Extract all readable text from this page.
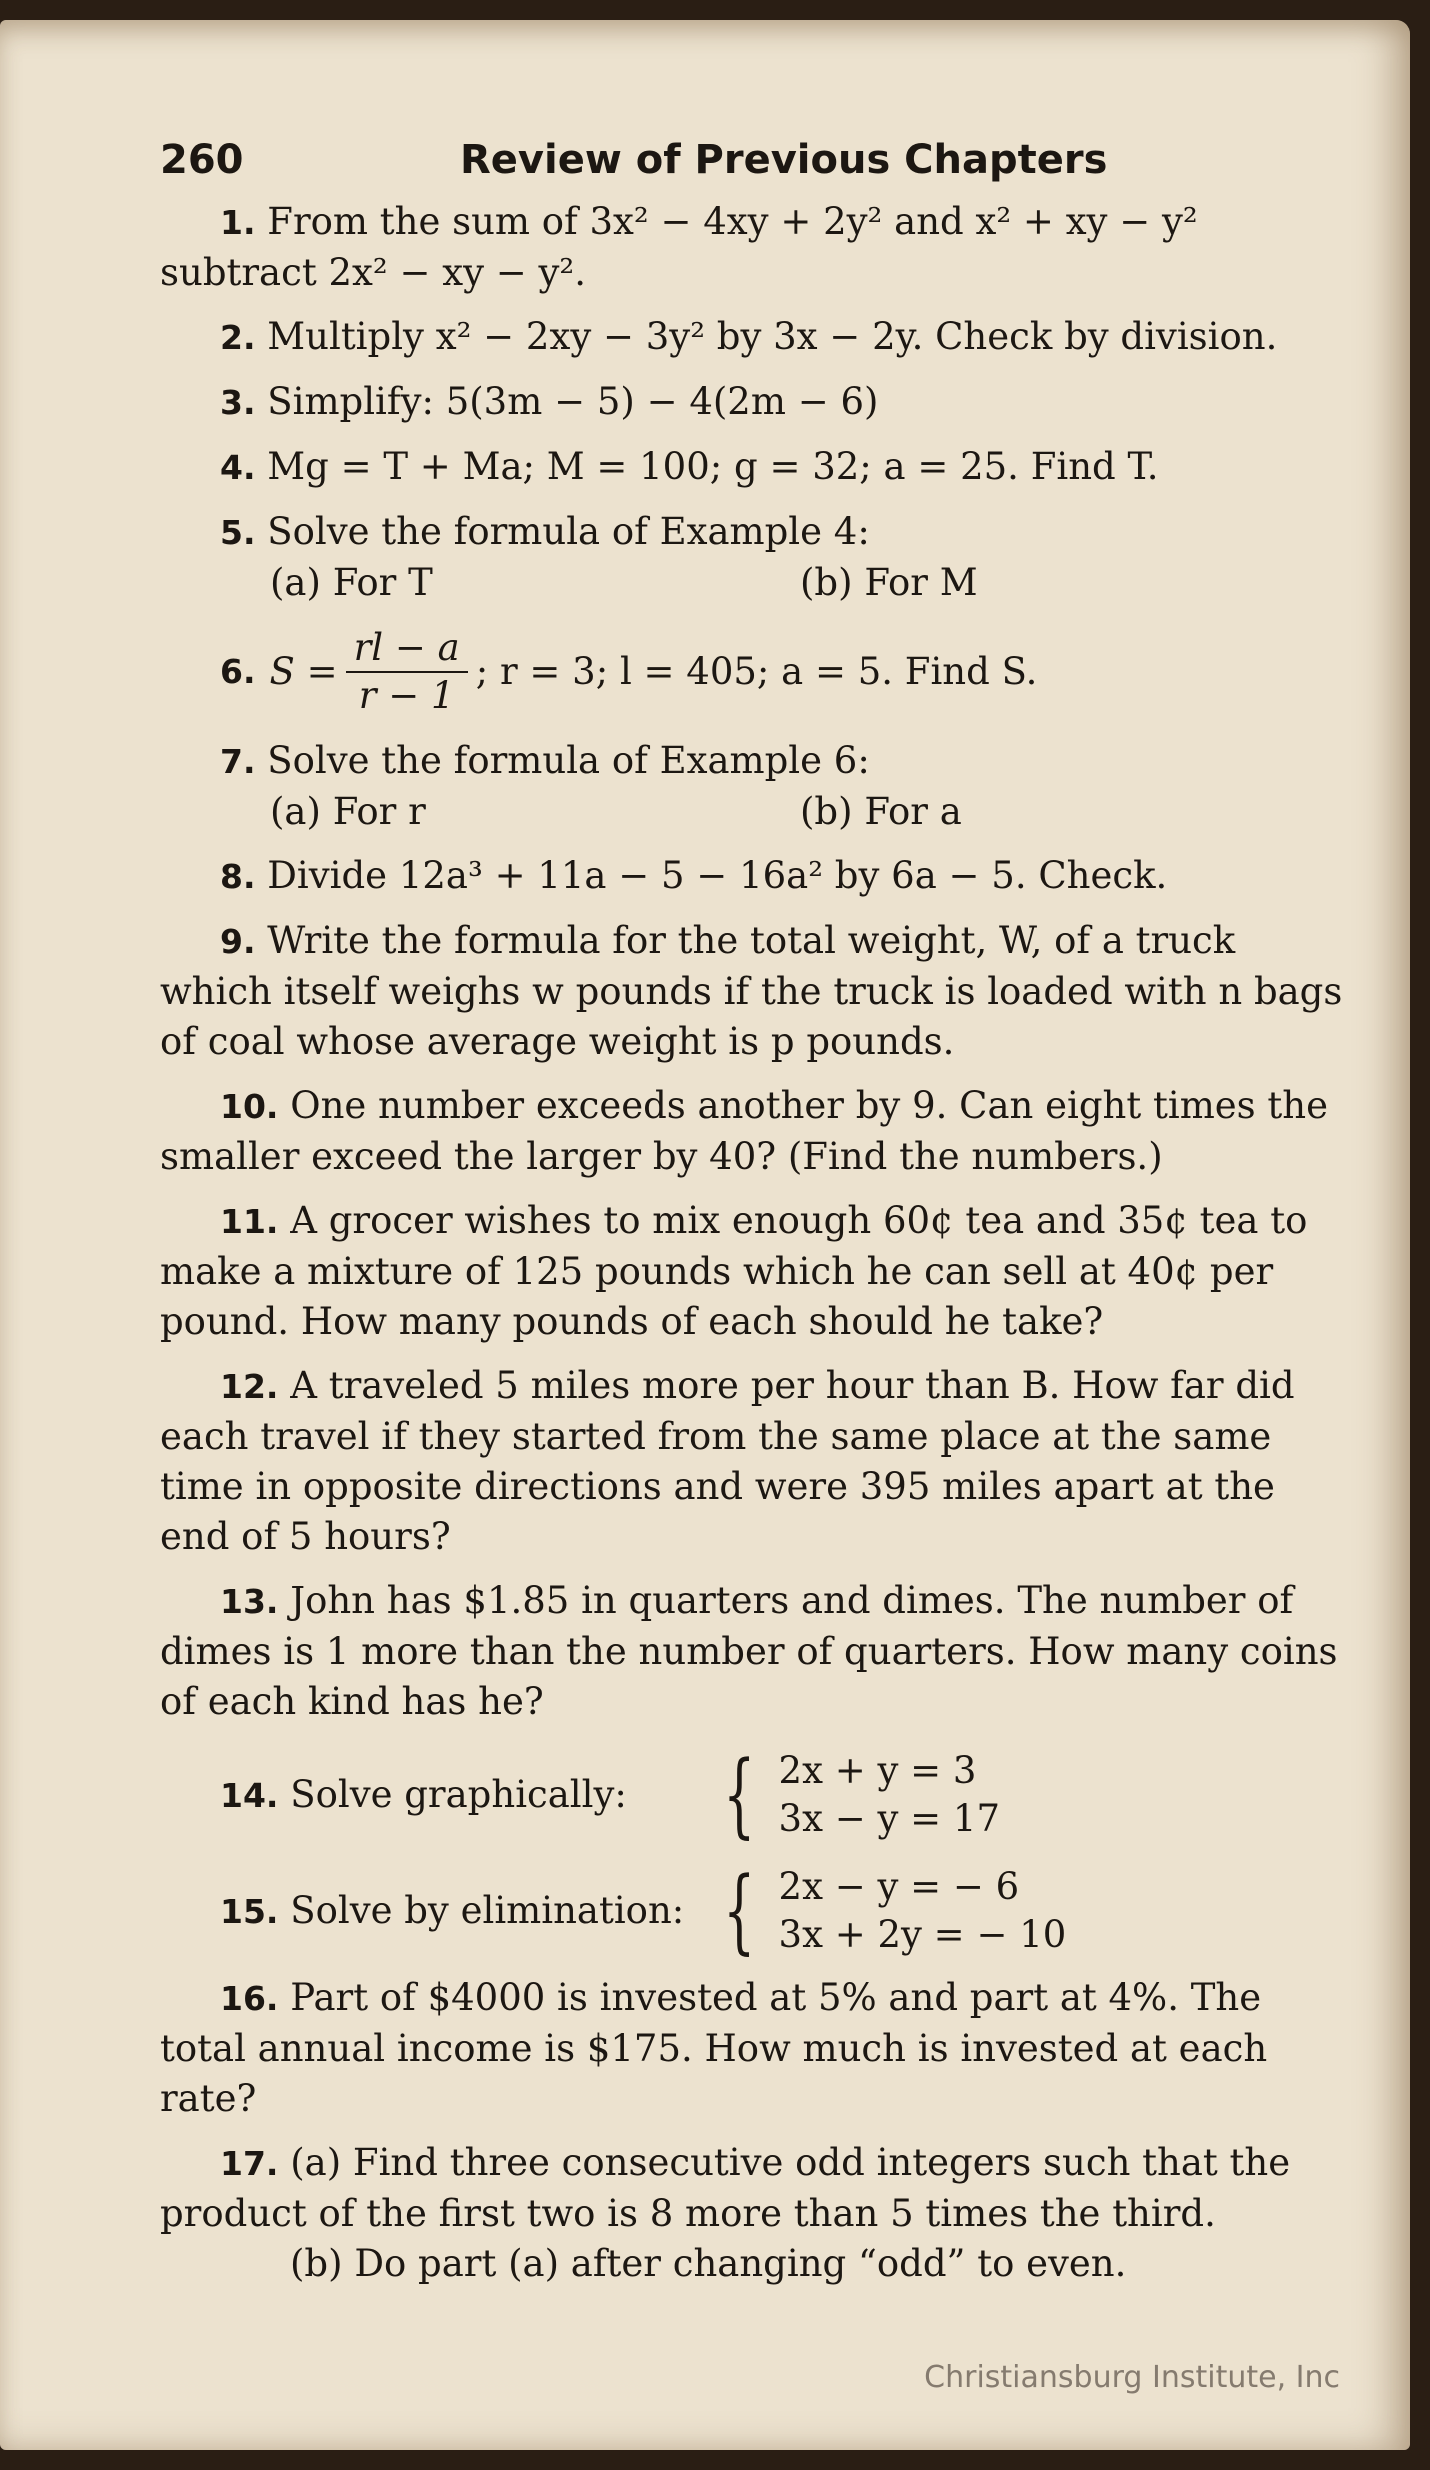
260	Review of Previous Chapters
1. From the sum of 3x² − 4xy + 2y² and x² + xy − y² subtract 2x² − xy − y².
2. Multiply x² − 2xy − 3y² by 3x − 2y. Check by division.
3. Simplify: 5(3m − 5) − 4(2m − 6)
4. Mg = T + Ma; M = 100; g = 32; a = 25. Find T.
5. Solve the formula of Example 4:
(a) For T	(b) For M
6. $S = \frac{rl - a}{r - 1}$ ; r = 3; l = 405; a = 5. Find S.
7. Solve the formula of Example 6:
(a) For r	(b) For a
8. Divide 12a³ + 11a − 5 − 16a² by 6a − 5. Check.
9. Write the formula for the total weight, W, of a truck which itself weighs w pounds if the truck is loaded with n bags of coal whose average weight is p pounds.
10. One number exceeds another by 9. Can eight times the smaller exceed the larger by 40? (Find the numbers.)
11. A grocer wishes to mix enough 60¢ tea and 35¢ tea to make a mixture of 125 pounds which he can sell at 40¢ per pound. How many pounds of each should he take?
12. A traveled 5 miles more per hour than B. How far did each travel if they started from the same place at the same time in opposite directions and were 395 miles apart at the end of 5 hours?
13. John has $1.85 in quarters and dimes. The number of dimes is 1 more than the number of quarters. How many coins of each kind has he?
14. Solve graphically:	{ 2x + y = 3
3x − y = 17
15. Solve by elimination: { 2x − y = − 6
3x + 2y = − 10
16. Part of $4000 is invested at 5% and part at 4%. The total annual income is $175. How much is invested at each rate?
17. (a) Find three consecutive odd integers such that the product of the first two is 8 more than 5 times the third.
(b) Do part (a) after changing “odd” to even.
Christiansburg Institute, Inc
